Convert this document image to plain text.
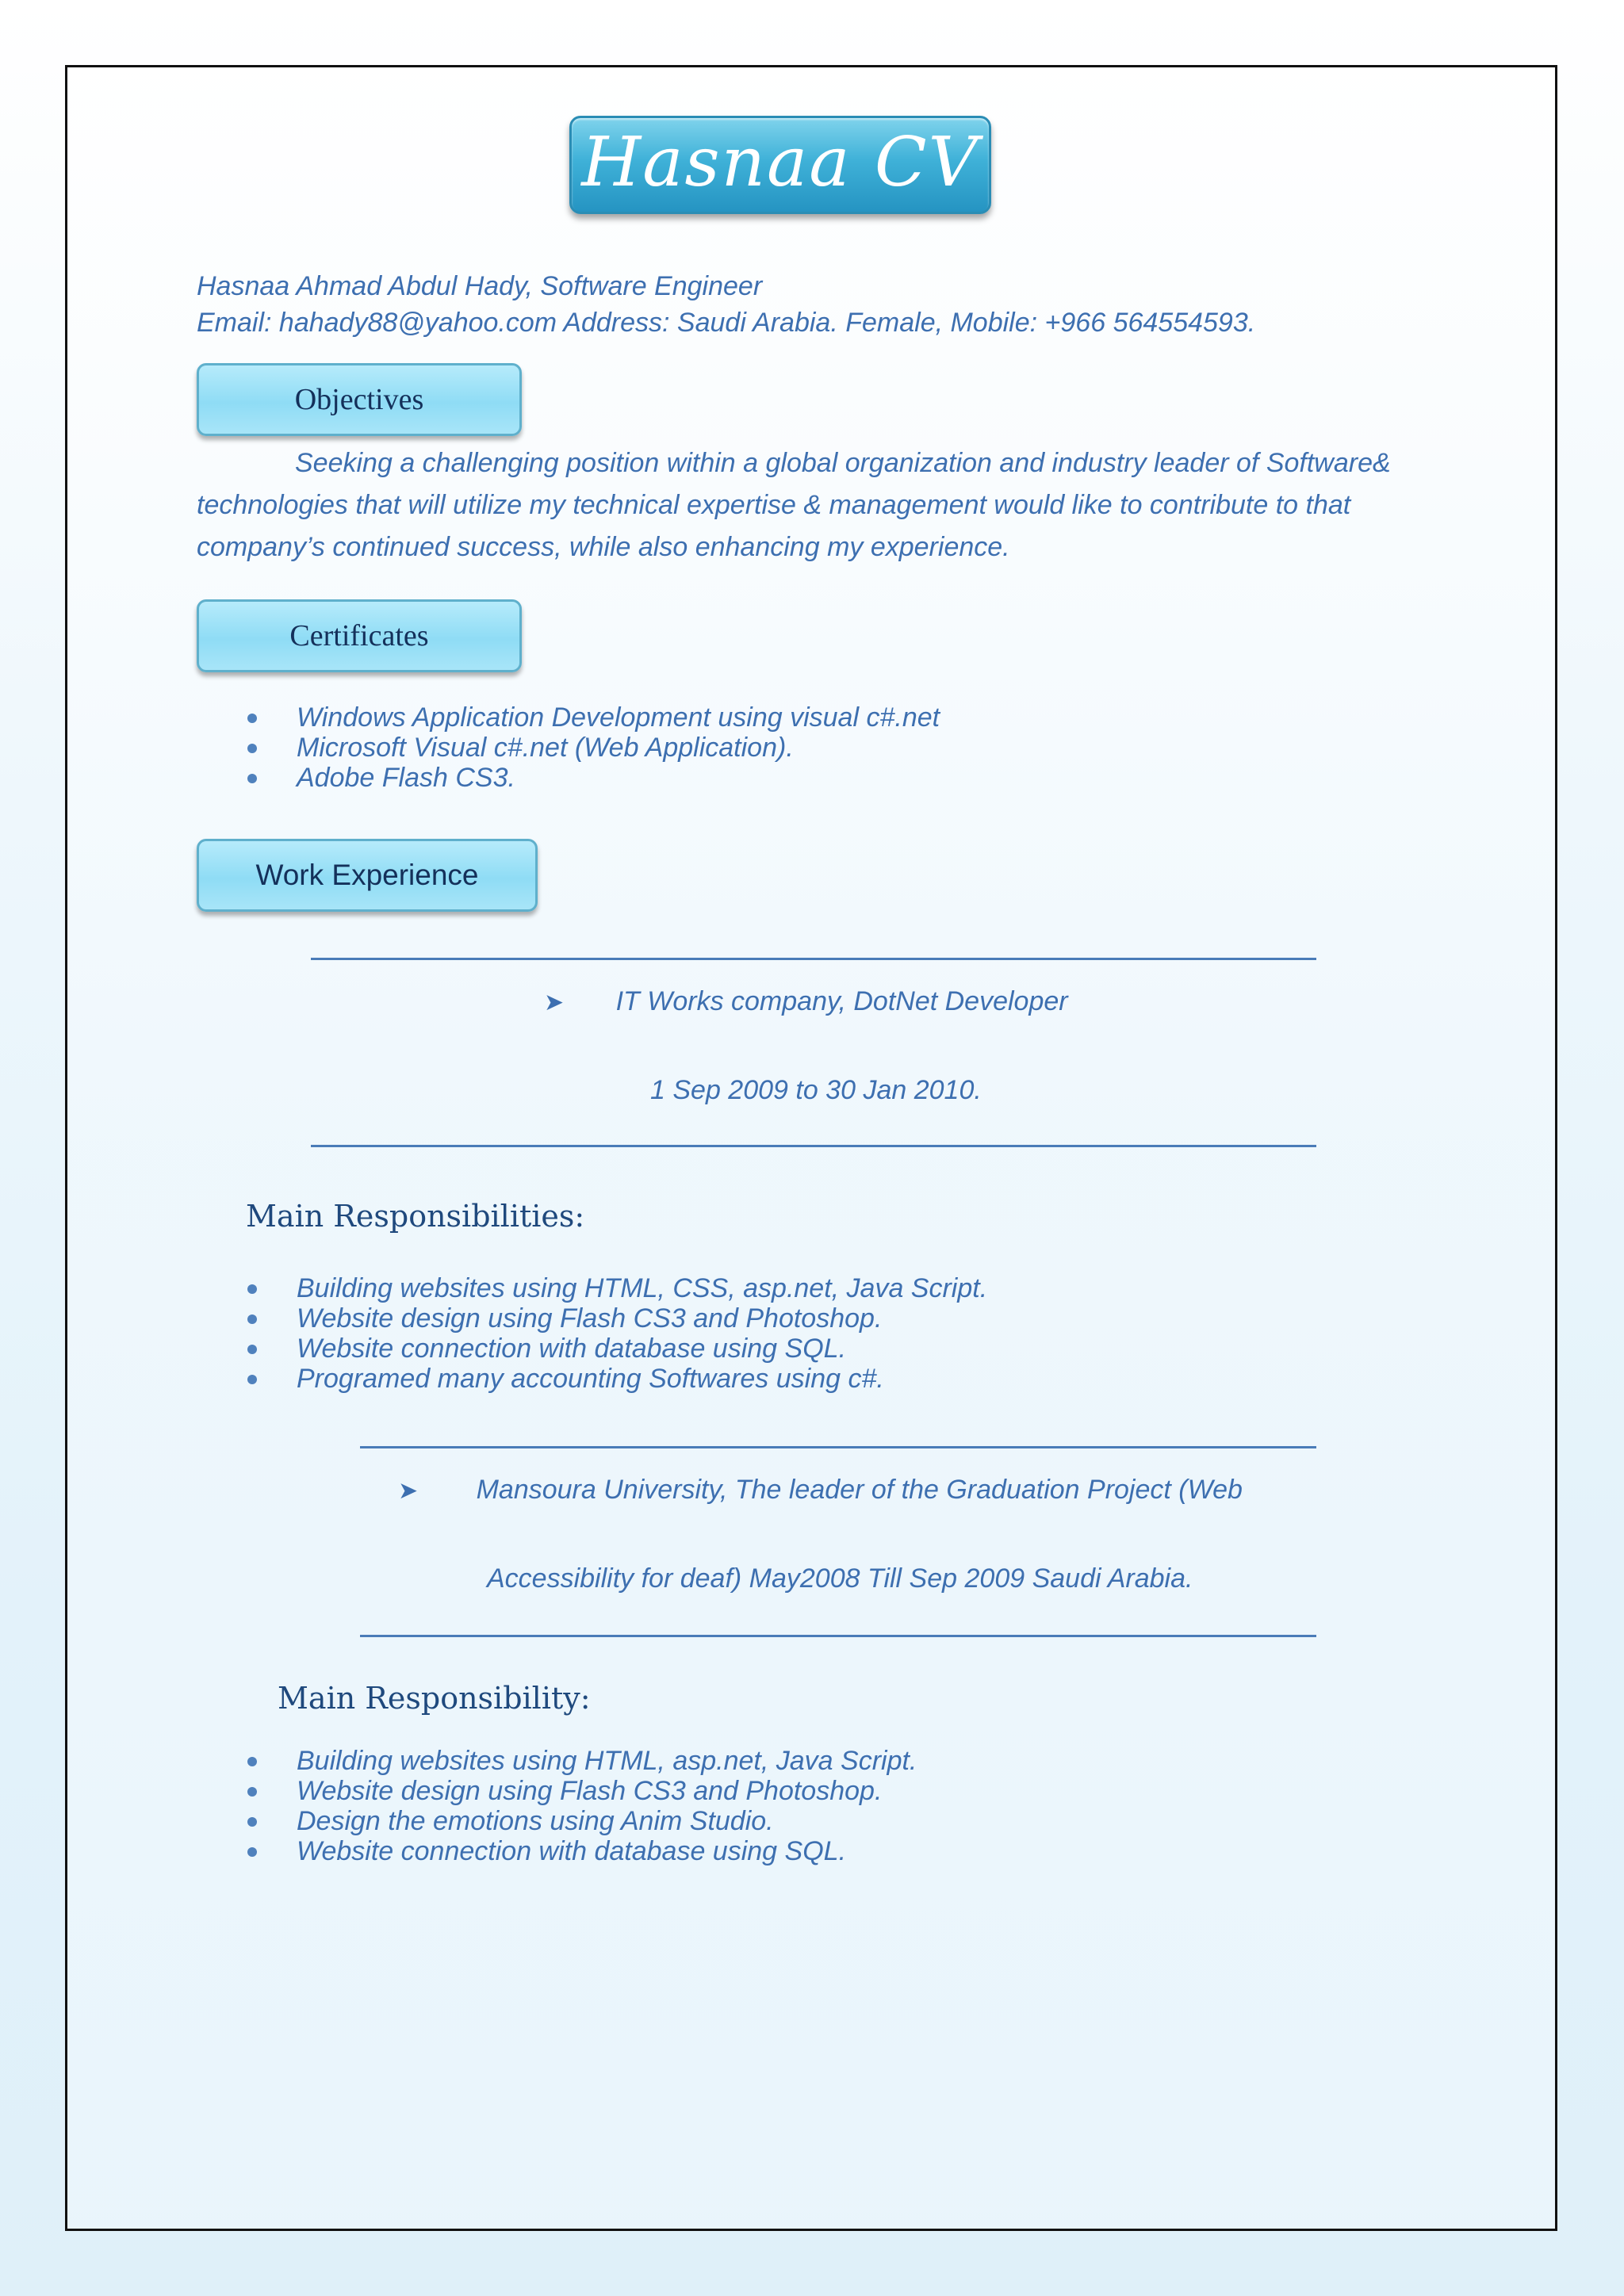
Hasnaa CV
Hasnaa Ahmad Abdul Hady, Software Engineer
Email: hahady88@yahoo.com Address: Saudi Arabia. Female, Mobile: +966 564554593.
Objectives
Seeking a challenging position within a global organization and industry leader of Software&
technologies that will utilize my technical expertise & management would like to contribute to that
company’s continued success, while also enhancing my experience.
Certificates
Windows Application Development using visual c#.net
Microsoft Visual c#.net (Web Application).
Adobe Flash CS3.
Work Experience
➤ IT Works company, DotNet Developer
1 Sep 2009 to 30 Jan 2010.
Main Responsibilities:
Building websites using HTML, CSS, asp.net, Java Script.
Website design using Flash CS3 and Photoshop.
Website connection with database using SQL.
Programed many accounting Softwares using c#.
➤ Mansoura University, The leader of the Graduation Project (Web
Accessibility for deaf) May2008 Till Sep 2009 Saudi Arabia.
Main Responsibility:
Building websites using HTML, asp.net, Java Script.
Website design using Flash CS3 and Photoshop.
Design the emotions using Anim Studio.
Website connection with database using SQL.
